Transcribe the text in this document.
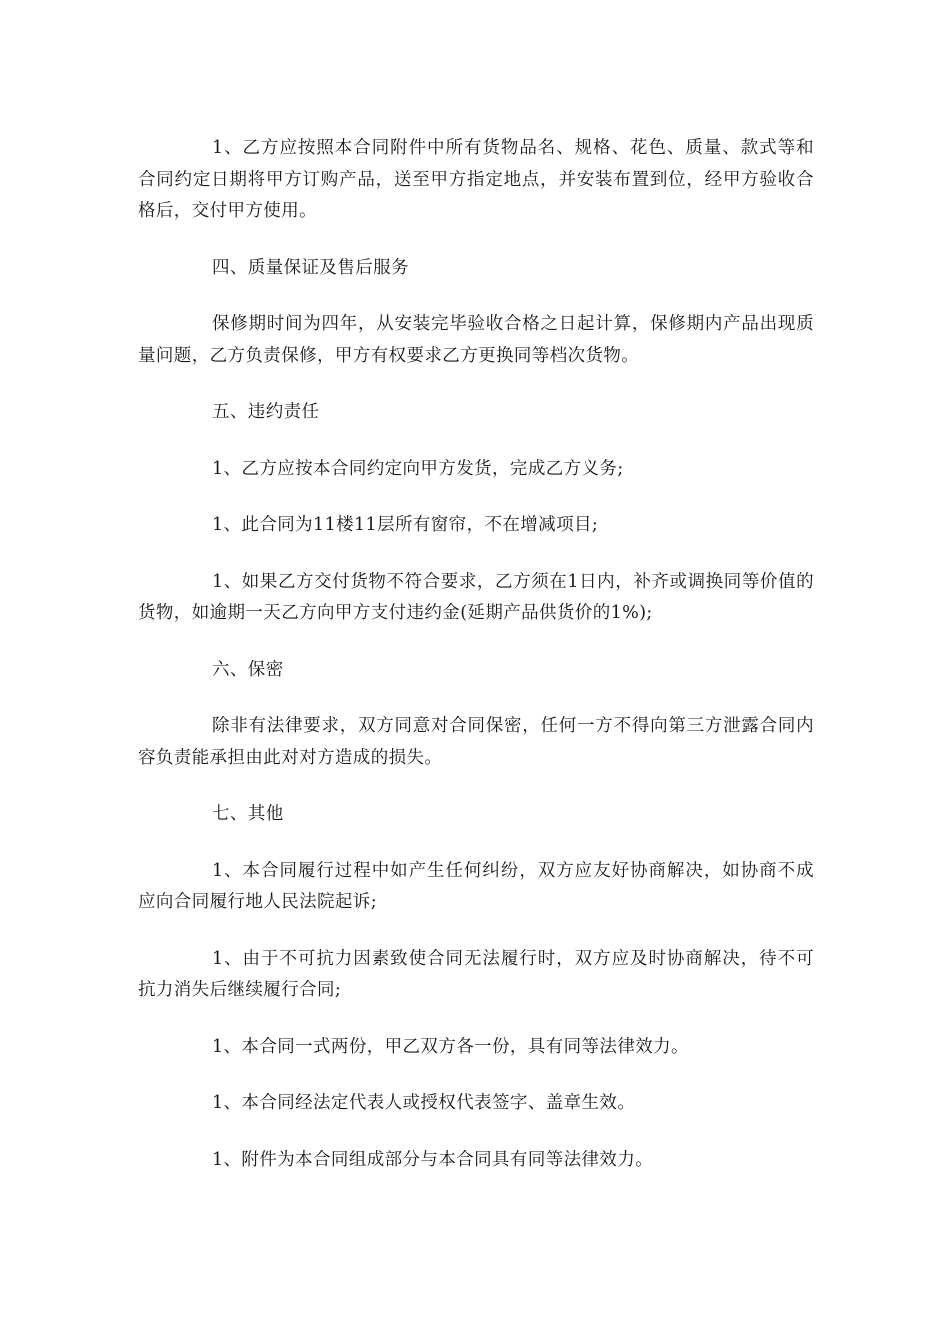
1、乙方应按照本合同附件中所有货物品名、规格、花色、质量、款式等和合同约定日期将甲方订购产品，送至甲方指定地点，并安装布置到位，经甲方验收合格后，交付甲方使用。

四、质量保证及售后服务

保修期时间为四年，从安装完毕验收合格之日起计算，保修期内产品出现质量问题，乙方负责保修，甲方有权要求乙方更换同等档次货物。

五、违约责任

1、乙方应按本合同约定向甲方发货，完成乙方义务;

1、此合同为11楼11层所有窗帘，不在增减项目;

1、如果乙方交付货物不符合要求，乙方须在1日内，补齐或调换同等价值的货物，如逾期一天乙方向甲方支付违约金(延期产品供货价的1%);

六、保密

除非有法律要求，双方同意对合同保密，任何一方不得向第三方泄露合同内容负责能承担由此对对方造成的损失。

七、其他

1、本合同履行过程中如产生任何纠纷，双方应友好协商解决，如协商不成应向合同履行地人民法院起诉;

1、由于不可抗力因素致使合同无法履行时，双方应及时协商解决，待不可抗力消失后继续履行合同;

1、本合同一式两份，甲乙双方各一份，具有同等法律效力。

1、本合同经法定代表人或授权代表签字、盖章生效。

1、附件为本合同组成部分与本合同具有同等法律效力。
